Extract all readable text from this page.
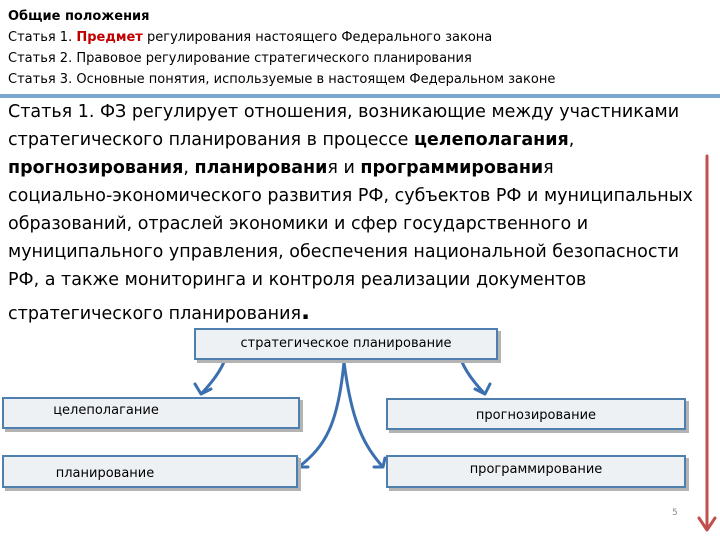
Общие положения
Статья 1. Предмет регулирования настоящего Федерального закона
Статья 2. Правовое регулирование стратегического планирования
Статья 3. Основные понятия, используемые в настоящем Федеральном законе
Статья 1. ФЗ регулирует отношения, возникающие между участниками
стратегического планирования в процессе целеполагания,
прогнозирования, планирования и программирования
социально-экономического развития РФ, субъектов РФ и муниципальных
образований, отраслей экономики и сфер государственного и
муниципального управления, обеспечения национальной безопасности
РФ, а также мониторинга и контроля реализации документов
стратегического планирования.
стратегическое планирование
целеполагание	прогнозирование
планирование	программирование
5
